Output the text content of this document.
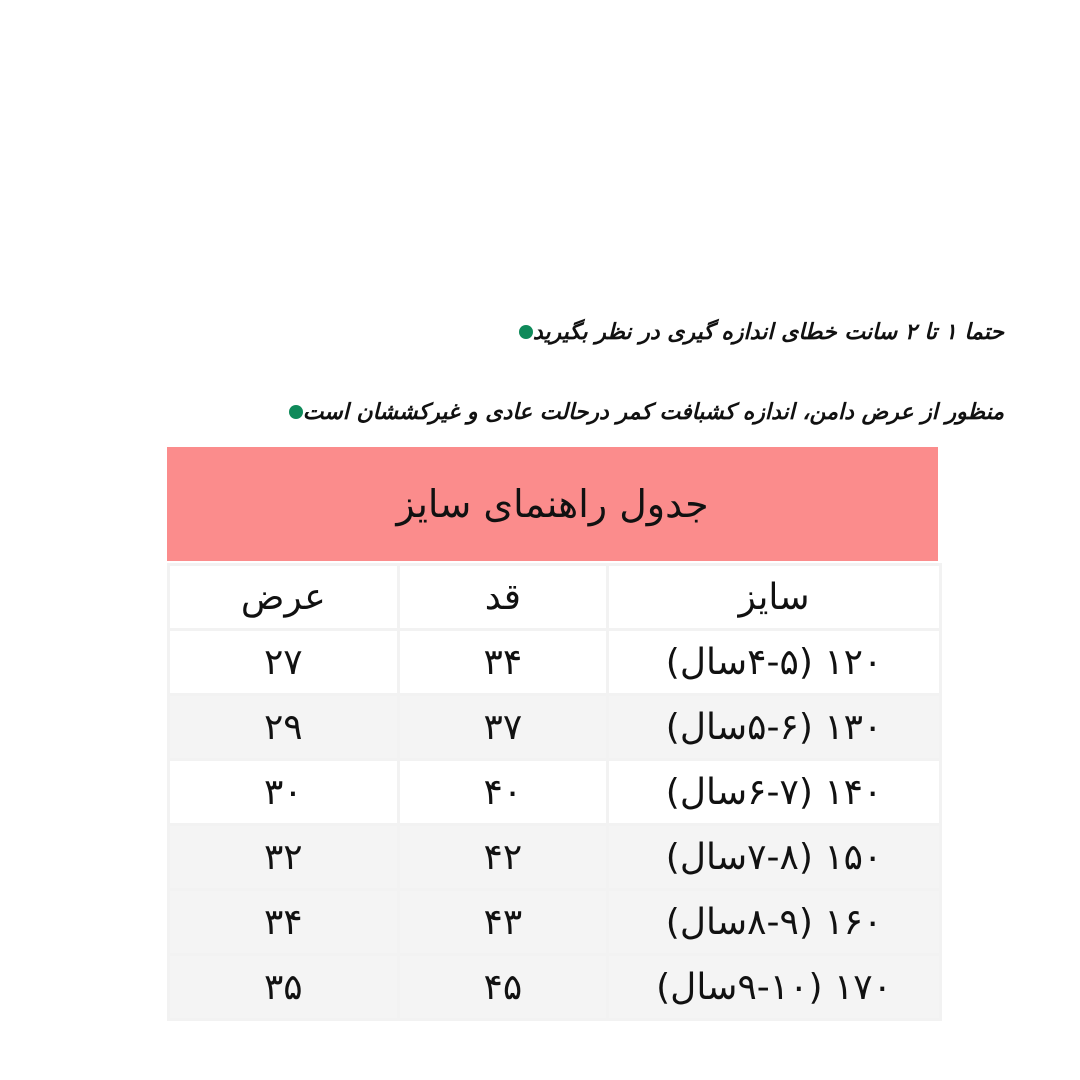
حتما ۱ تا ۲ سانت خطای اندازه گیری در نظر بگیرید
منظور از عرض دامن، اندازه کشبافت کمر درحالت عادی و غیرکششان است
جدول راهنمای سایز
عرض	قد	سایز
۲۷	۳۴	۱۲۰ (۴-۵سال)
۲۹	۳۷	۱۳۰ (۵-۶سال)
۳۰	۴۰	۱۴۰ (۶-۷سال)
۳۲	۴۲	۱۵۰ (۷-۸سال)
۳۴	۴۳	۱۶۰ (۸-۹سال)
۳۵	۴۵	۱۷۰ (۹-۱۰سال)
